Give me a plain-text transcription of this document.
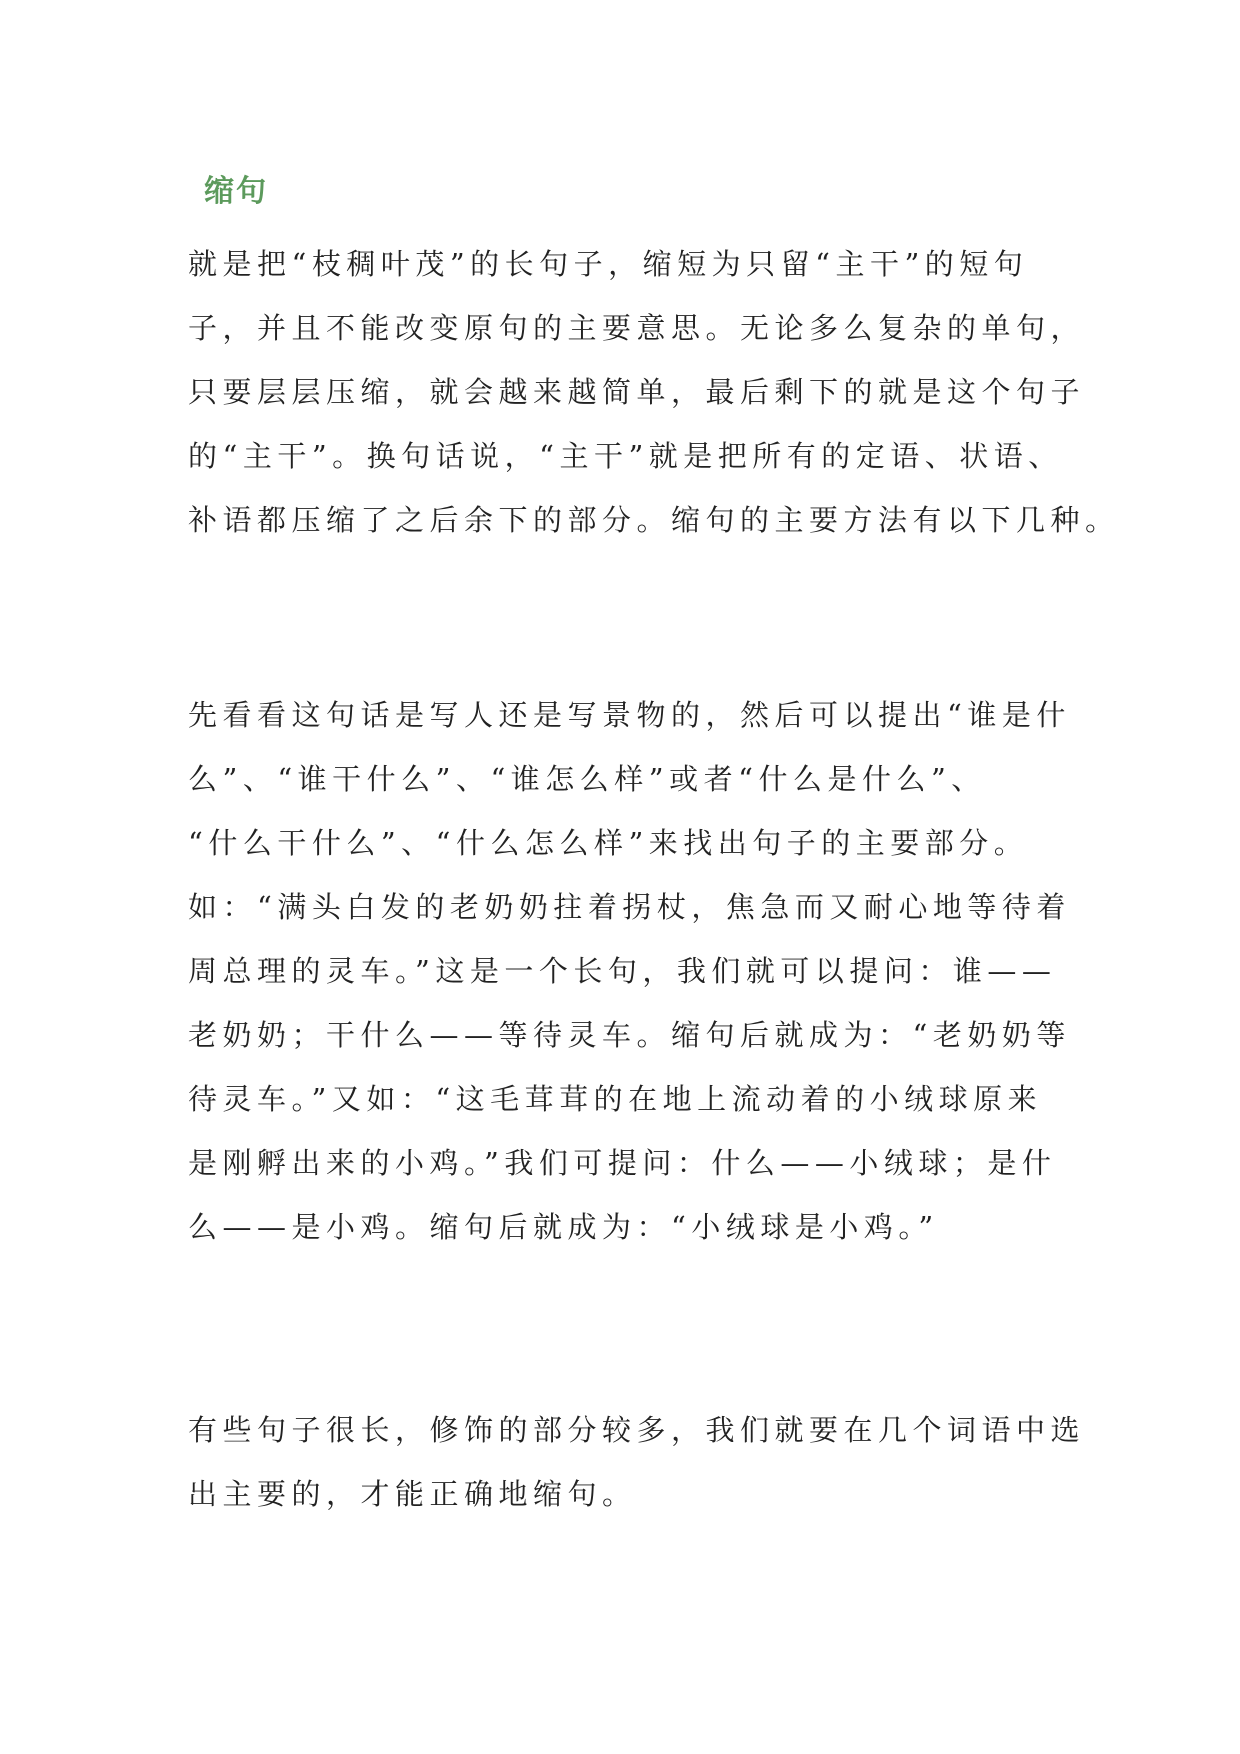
缩句
就是把“枝稠叶茂”的长句子，缩短为只留“主干”的短句
子，并且不能改变原句的主要意思。无论多么复杂的单句，
只要层层压缩，就会越来越简单，最后剩下的就是这个句子
的“主干”。换句话说，“主干”就是把所有的定语、状语、
补语都压缩了之后余下的部分。缩句的主要方法有以下几种。
先看看这句话是写人还是写景物的，然后可以提出“谁是什
么”、“谁干什么”、“谁怎么样”或者“什么是什么”、
“什么干什么”、“什么怎么样”来找出句子的主要部分。
如：“满头白发的老奶奶拄着拐杖，焦急而又耐心地等待着
周总理的灵车。”这是一个长句，我们就可以提问：谁——
老奶奶；干什么——等待灵车。缩句后就成为：“老奶奶等
待灵车。”又如：“这毛茸茸的在地上流动着的小绒球原来
是刚孵出来的小鸡。”我们可提问：什么——小绒球；是什
么——是小鸡。缩句后就成为：“小绒球是小鸡。”
有些句子很长，修饰的部分较多，我们就要在几个词语中选
出主要的，才能正确地缩句。
